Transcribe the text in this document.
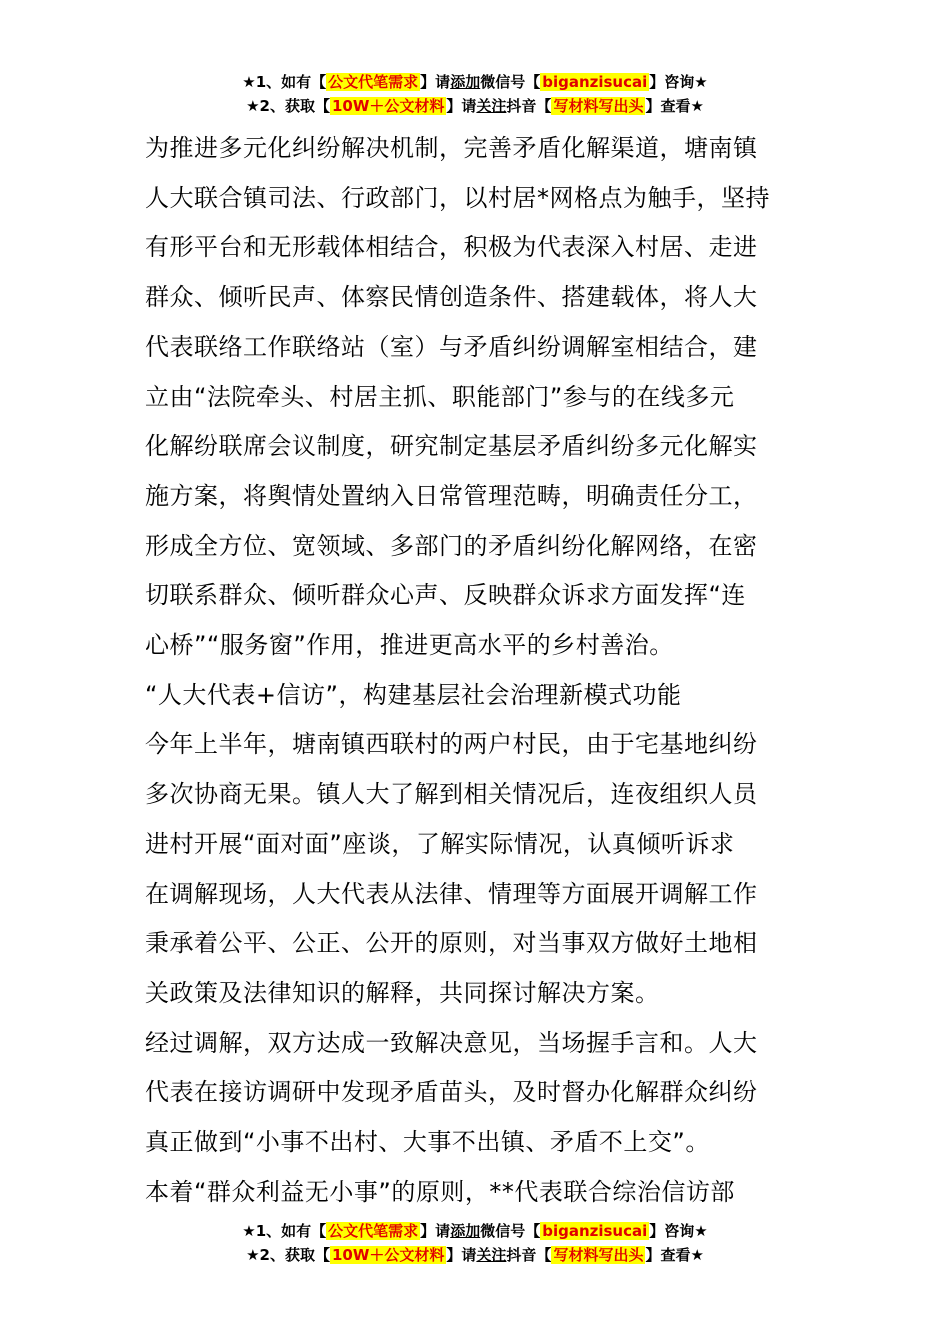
★1、如有【 公文代笔需求 】请添加微信号【 biganzisucai 】咨询★
★2、获取【 10W＋公文材料 】请关注抖音【 写材料写出头 】查看★

为推进多元化纠纷解决机制，完善矛盾化解渠道，塘南镇

人大联合镇司法、行政部门，以村居*网格点为触手，坚持

有形平台和无形载体相结合，积极为代表深入村居、走进

群众、倾听民声、体察民情创造条件、搭建载体，将人大

代表联络工作联络站（室）与矛盾纠纷调解室相结合，建

立由“法院牵头、村居主抓、职能部门”参与的在线多元

化解纷联席会议制度，研究制定基层矛盾纠纷多元化解实

施方案，将舆情处置纳入日常管理范畴，明确责任分工，

形成全方位、宽领域、多部门的矛盾纠纷化解网络，在密

切联系群众、倾听群众心声、反映群众诉求方面发挥“连

心桥”“服务窗”作用，推进更高水平的乡村善治。

“人大代表+信访”，构建基层社会治理新模式功能

今年上半年，塘南镇西联村的两户村民，由于宅基地纠纷

多次协商无果。镇人大了解到相关情况后，连夜组织人员

进村开展“面对面”座谈，了解实际情况，认真倾听诉求

在调解现场，人大代表从法律、情理等方面展开调解工作

秉承着公平、公正、公开的原则，对当事双方做好土地相

关政策及法律知识的解释，共同探讨解决方案。

经过调解，双方达成一致解决意见，当场握手言和。人大

代表在接访调研中发现矛盾苗头，及时督办化解群众纠纷

真正做到“小事不出村、大事不出镇、矛盾不上交”。

本着“群众利益无小事”的原则，**代表联合综治信访部

★1、如有【 公文代笔需求 】请添加微信号【 biganzisucai 】咨询★
★2、获取【 10W＋公文材料 】请关注抖音【 写材料写出头 】查看★
